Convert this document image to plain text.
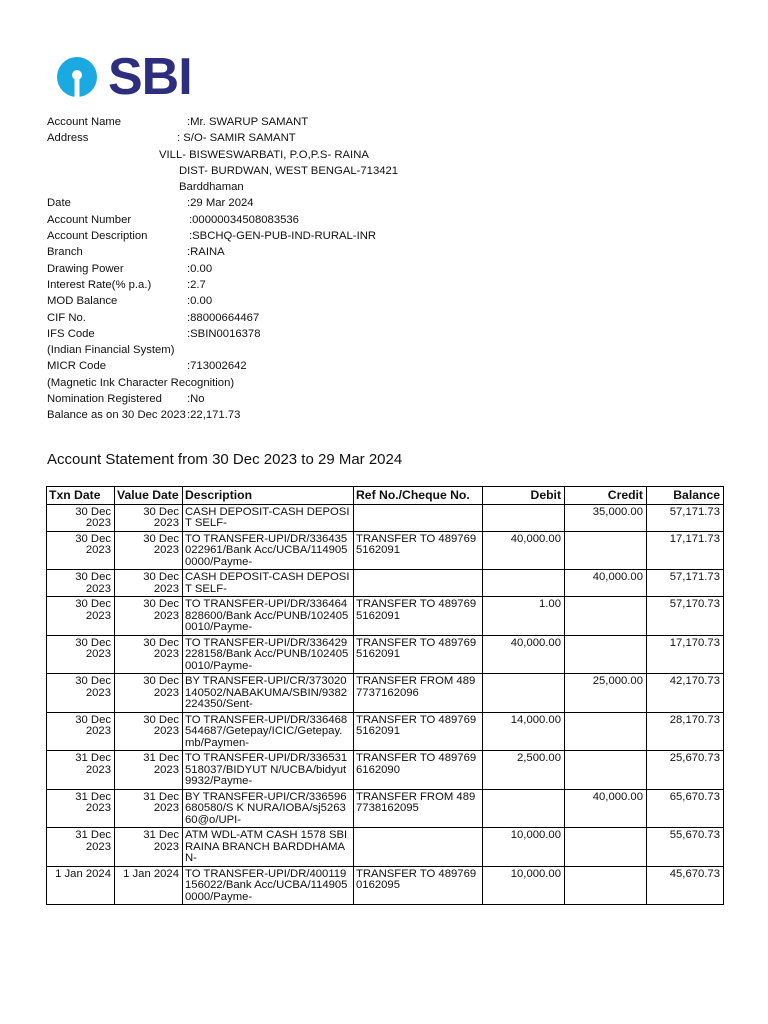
SBI
Account Name	:Mr. SWARUP SAMANT
Address	: S/O- SAMIR SAMANT
VILL- BISWESWARBATI, P.O,P.S- RAINA
DIST- BURDWAN, WEST BENGAL-713421
Barddhaman
Date	:29 Mar 2024
Account Number	:00000034508083536
Account Description	:SBCHQ-GEN-PUB-IND-RURAL-INR
Branch	:RAINA
Drawing Power	:0.00
Interest Rate(% p.a.)	:2.7
MOD Balance	:0.00
CIF No.	:88000664467
IFS Code	:SBIN0016378
(Indian Financial System)
MICR Code	:713002642
(Magnetic Ink Character Recognition)
Nomination Registered :No
Balance as on 30 Dec 2023 :22,171.73
Account Statement from 30 Dec 2023 to 29 Mar 2024
Txn Date	Value Date	Description	Ref No./Cheque No.	Debit	Credit	Balance
30 Dec 2023	30 Dec 2023	CASH DEPOSIT-CASH DEPOSIT SELF-			35,000.00	57,171.73
30 Dec 2023	30 Dec 2023	TO TRANSFER-UPI/DR/336435022961/Bank Acc/UCBA/1149050000/Payme-	TRANSFER TO 4897695162091	40,000.00		17,171.73
30 Dec 2023	30 Dec 2023	CASH DEPOSIT-CASH DEPOSIT SELF-			40,000.00	57,171.73
30 Dec 2023	30 Dec 2023	TO TRANSFER-UPI/DR/336464828600/Bank Acc/PUNB/1024050010/Payme-	TRANSFER TO 4897695162091	1.00		57,170.73
30 Dec 2023	30 Dec 2023	TO TRANSFER-UPI/DR/336429228158/Bank Acc/PUNB/1024050010/Payme-	TRANSFER TO 4897695162091	40,000.00		17,170.73
30 Dec 2023	30 Dec 2023	BY TRANSFER-UPI/CR/373020140502/NABAKUMA/SBIN/9382224350/Sent-	TRANSFER FROM 4897737162096		25,000.00	42,170.73
30 Dec 2023	30 Dec 2023	TO TRANSFER-UPI/DR/336468544687/Getepay/ICIC/Getepay.mb/Paymen-	TRANSFER TO 4897695162091	14,000.00		28,170.73
31 Dec 2023	31 Dec 2023	TO TRANSFER-UPI/DR/336531518037/BIDYUT N/UCBA/bidyut9932/Payme-	TRANSFER TO 4897696162090	2,500.00		25,670.73
31 Dec 2023	31 Dec 2023	BY TRANSFER-UPI/CR/336596680580/S K NURA/IOBA/sj526360@o/UPI-	TRANSFER FROM 4897738162095		40,000.00	65,670.73
31 Dec 2023	31 Dec 2023	ATM WDL-ATM CASH 1578 SBI RAINA BRANCH BARDDHAMAN-		10,000.00		55,670.73
1 Jan 2024	1 Jan 2024	TO TRANSFER-UPI/DR/400119156022/Bank Acc/UCBA/1149050000/Payme-	TRANSFER TO 4897690162095	10,000.00		45,670.73
